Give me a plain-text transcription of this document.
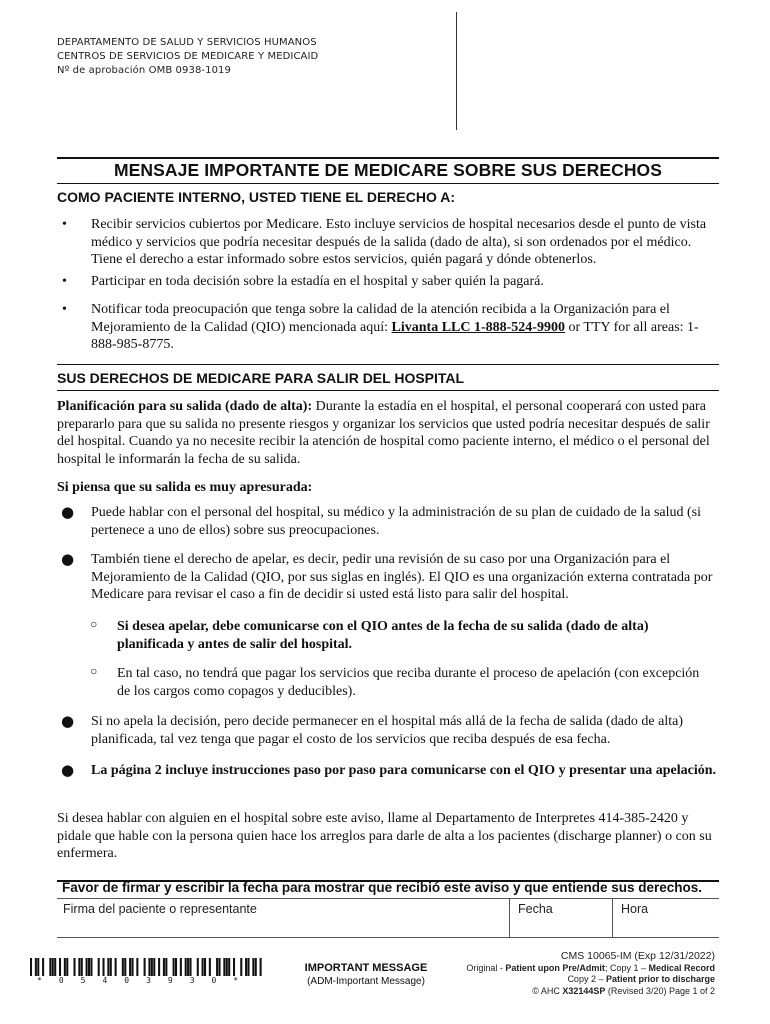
DEPARTAMENTO DE SALUD Y SERVICIOS HUMANOS
CENTROS DE SERVICIOS DE MEDICARE Y MEDICAID
Nº de aprobación OMB 0938-1019
MENSAJE IMPORTANTE DE MEDICARE SOBRE SUS DERECHOS
COMO PACIENTE INTERNO, USTED TIENE EL DERECHO A:
• Recibir servicios cubiertos por Medicare. Esto incluye servicios de hospital necesarios desde el punto de vista médico y servicios que podría necesitar después de la salida (dado de alta), si son ordenados por el médico. Tiene el derecho a estar informado sobre estos servicios, quién pagará y dónde obtenerlos.
• Participar en toda decisión sobre la estadía en el hospital y saber quién la pagará.
• Notificar toda preocupación que tenga sobre la calidad de la atención recibida a la Organización para el Mejoramiento de la Calidad (QIO) mencionada aquí: Livanta LLC 1-888-524-9900 or TTY for all areas: 1-888-985-8775.
SUS DERECHOS DE MEDICARE PARA SALIR DEL HOSPITAL
Planificación para su salida (dado de alta): Durante la estadía en el hospital, el personal cooperará con usted para prepararlo para que su salida no presente riesgos y organizar los servicios que usted podría necesitar después de salir del hospital. Cuando ya no necesite recibir la atención de hospital como paciente interno, el médico o el personal del hospital le informarán la fecha de su salida.
Si piensa que su salida es muy apresurada:
● Puede hablar con el personal del hospital, su médico y la administración de su plan de cuidado de la salud (si pertenece a uno de ellos) sobre sus preocupaciones.
● También tiene el derecho de apelar, es decir, pedir una revisión de su caso por una Organización para el Mejoramiento de la Calidad (QIO, por sus siglas en inglés). El QIO es una organización externa contratada por Medicare para revisar el caso a fin de decidir si usted está listo para salir del hospital.
○ Si desea apelar, debe comunicarse con el QIO antes de la fecha de su salida (dado de alta) planificada y antes de salir del hospital.
○ En tal caso, no tendrá que pagar los servicios que reciba durante el proceso de apelación (con excepción de los cargos como copagos y deducibles).
● Si no apela la decisión, pero decide permanecer en el hospital más allá de la fecha de salida (dado de alta) planificada, tal vez tenga que pagar el costo de los servicios que reciba después de esa fecha.
● La página 2 incluye instrucciones paso por paso para comunicarse con el QIO y presentar una apelación.
Si desea hablar con alguien en el hospital sobre este aviso, llame al Departamento de Interpretes 414-385-2420 y pidale que hable con la persona quien hace los arreglos para darle de alta a los pacientes (discharge planner) o con su enfermera.
Favor de firmar y escribir la fecha para mostrar que recibió este aviso y que entiende sus derechos.
Firma del paciente o representante	Fecha	Hora
*05403930*
IMPORTANT MESSAGE
(ADM-Important Message)
CMS 10065-IM (Exp 12/31/2022)
Original - Patient upon Pre/Admit; Copy 1 – Medical Record
Copy 2 – Patient prior to discharge
© AHC X32144SP (Revised 3/20) Page 1 of 2
